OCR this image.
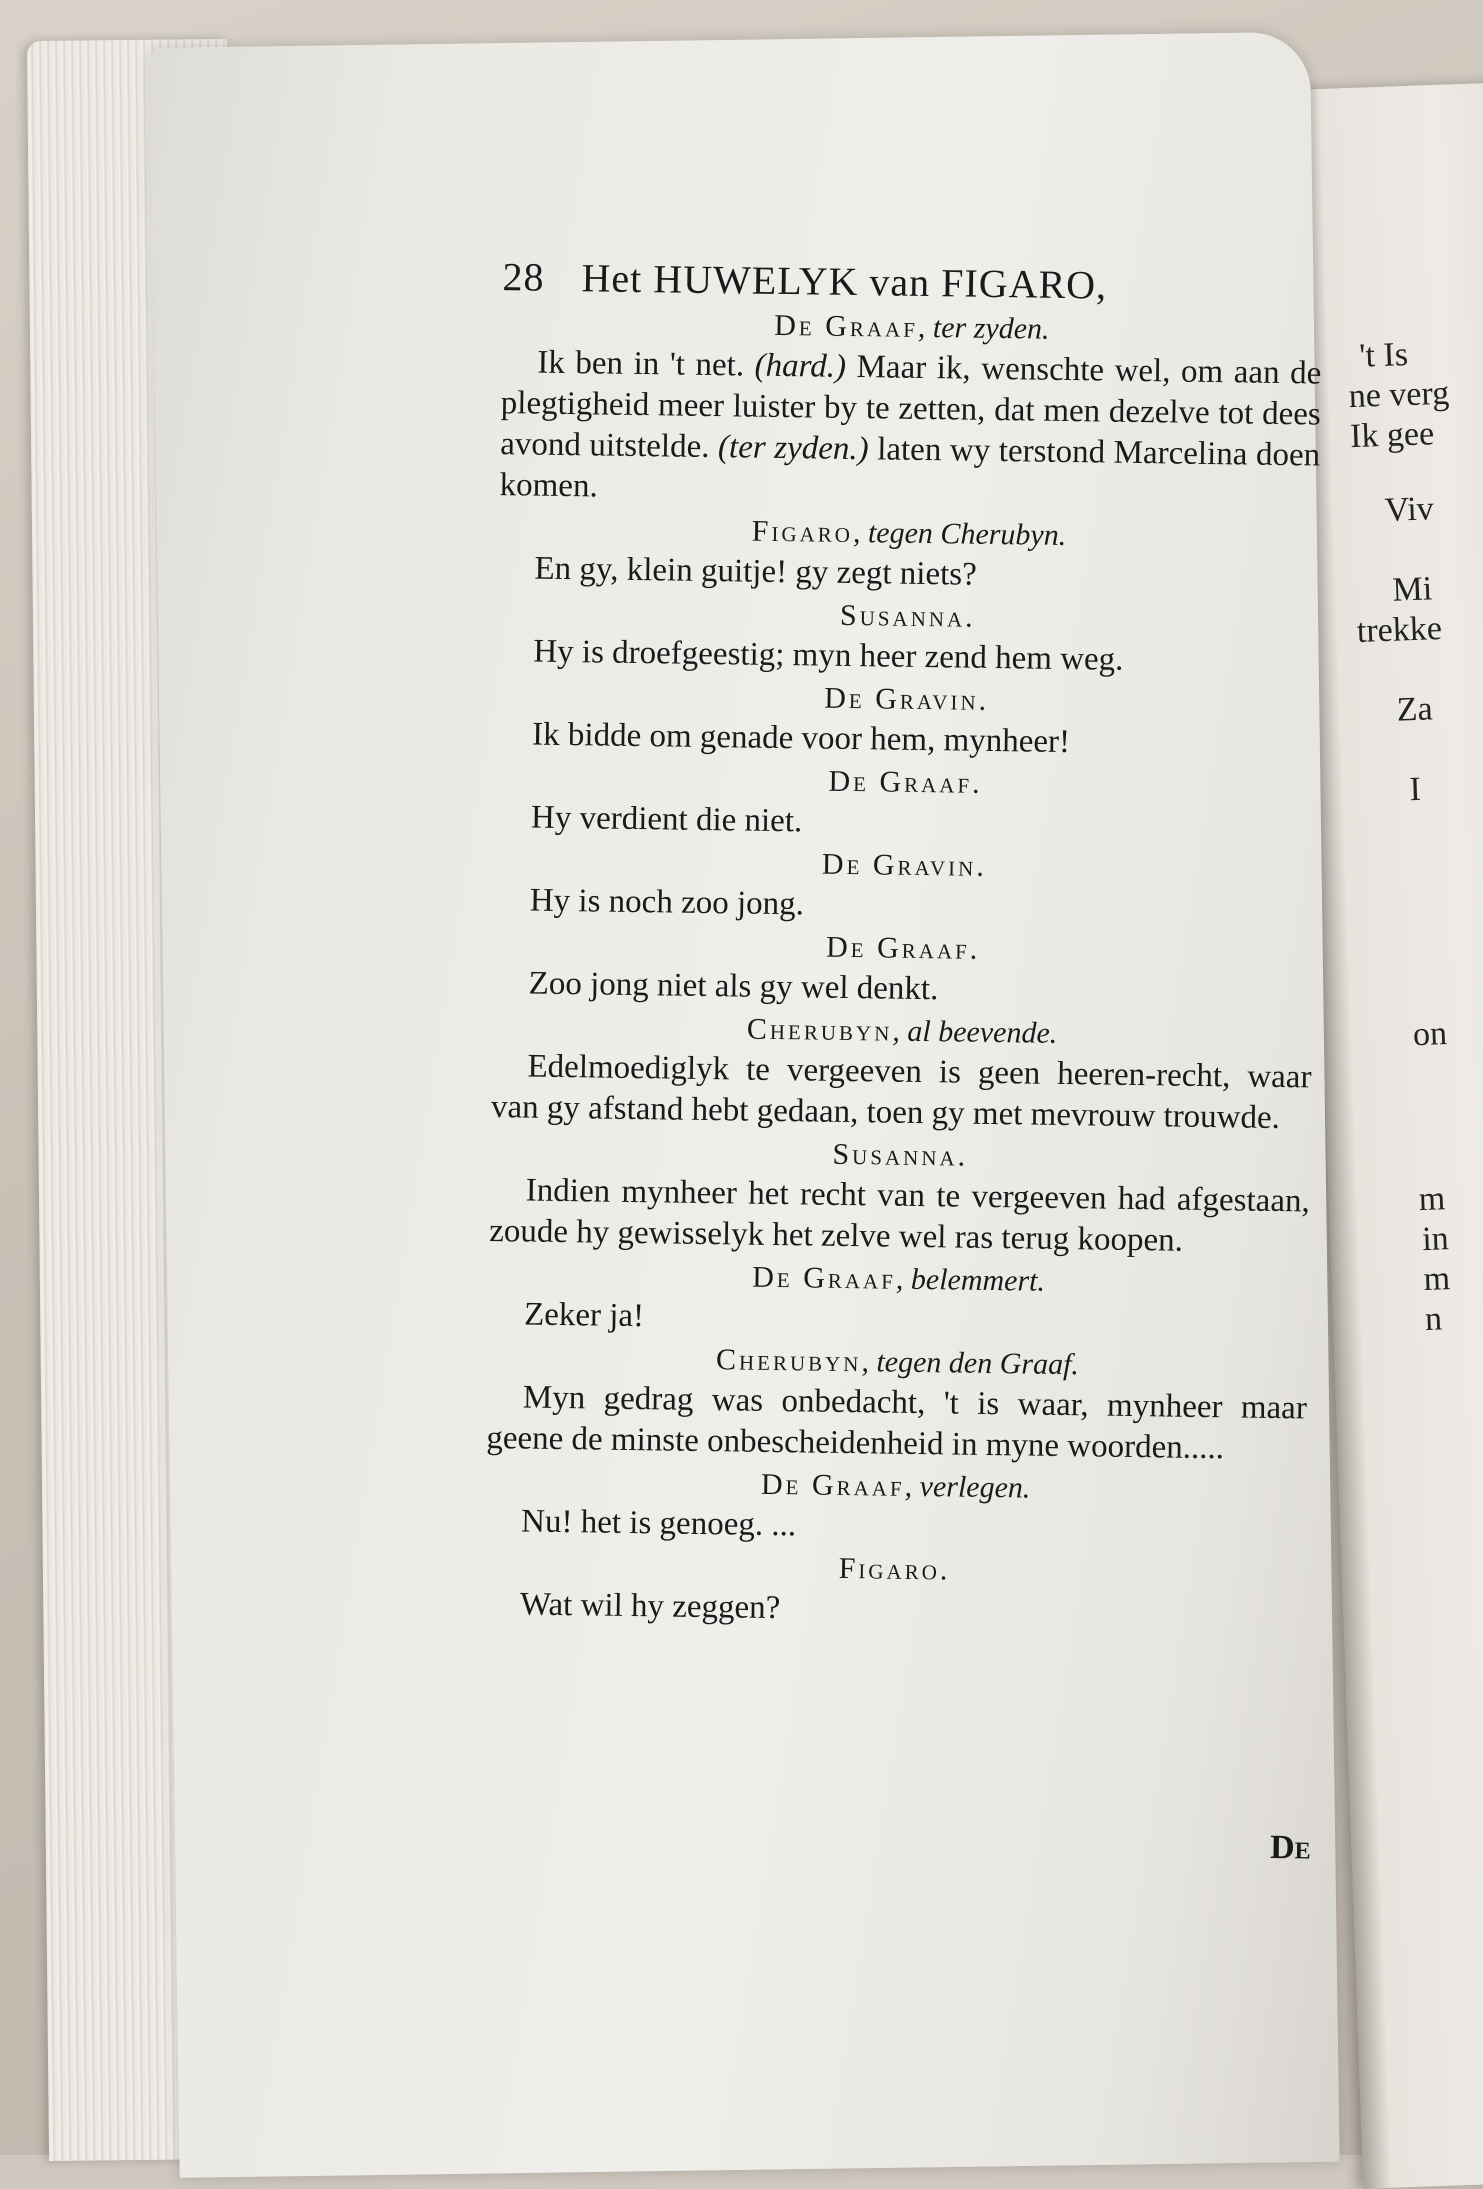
't Is
ne verg
Ik gee
Viv
Mi
trekke
Za
I
on
m
in
m
n
28 Het HUWELYK van FIGARO,
De Graaf, ter zyden.

Ik ben in 't net. (hard.) Maar ik, wenschte wel, om aan de plegtigheid meer luister by te zetten, dat men dezelve tot dees avond uitstelde. (ter zyden.) laten wy terstond Marcelina doen komen.

Figaro, tegen Cherubyn.

En gy, klein guitje! gy zegt niets?

Susanna.

Hy is droefgeestig; myn heer zend hem weg.

De Gravin.

Ik bidde om genade voor hem, mynheer!

De Graaf.

Hy verdient die niet.

De Gravin.

Hy is noch zoo jong.

De Graaf.

Zoo jong niet als gy wel denkt.

Cherubyn, al beevende.

Edelmoediglyk te vergeeven is geen heeren-recht, waar van gy afstand hebt gedaan, toen gy met mevrouw trouwde.

Susanna.

Indien mynheer het recht van te vergeeven had afgestaan, zoude hy gewisselyk het zelve wel ras terug koopen.

De Graaf, belemmert.

Zeker ja!

Cherubyn, tegen den Graaf.

Myn gedrag was onbedacht, 't is waar, mynheer maar geene de minste onbescheidenheid in myne woorden.....

De Graaf, verlegen.

Nu! het is genoeg. ...

Figaro.

Wat wil hy zeggen?

De
